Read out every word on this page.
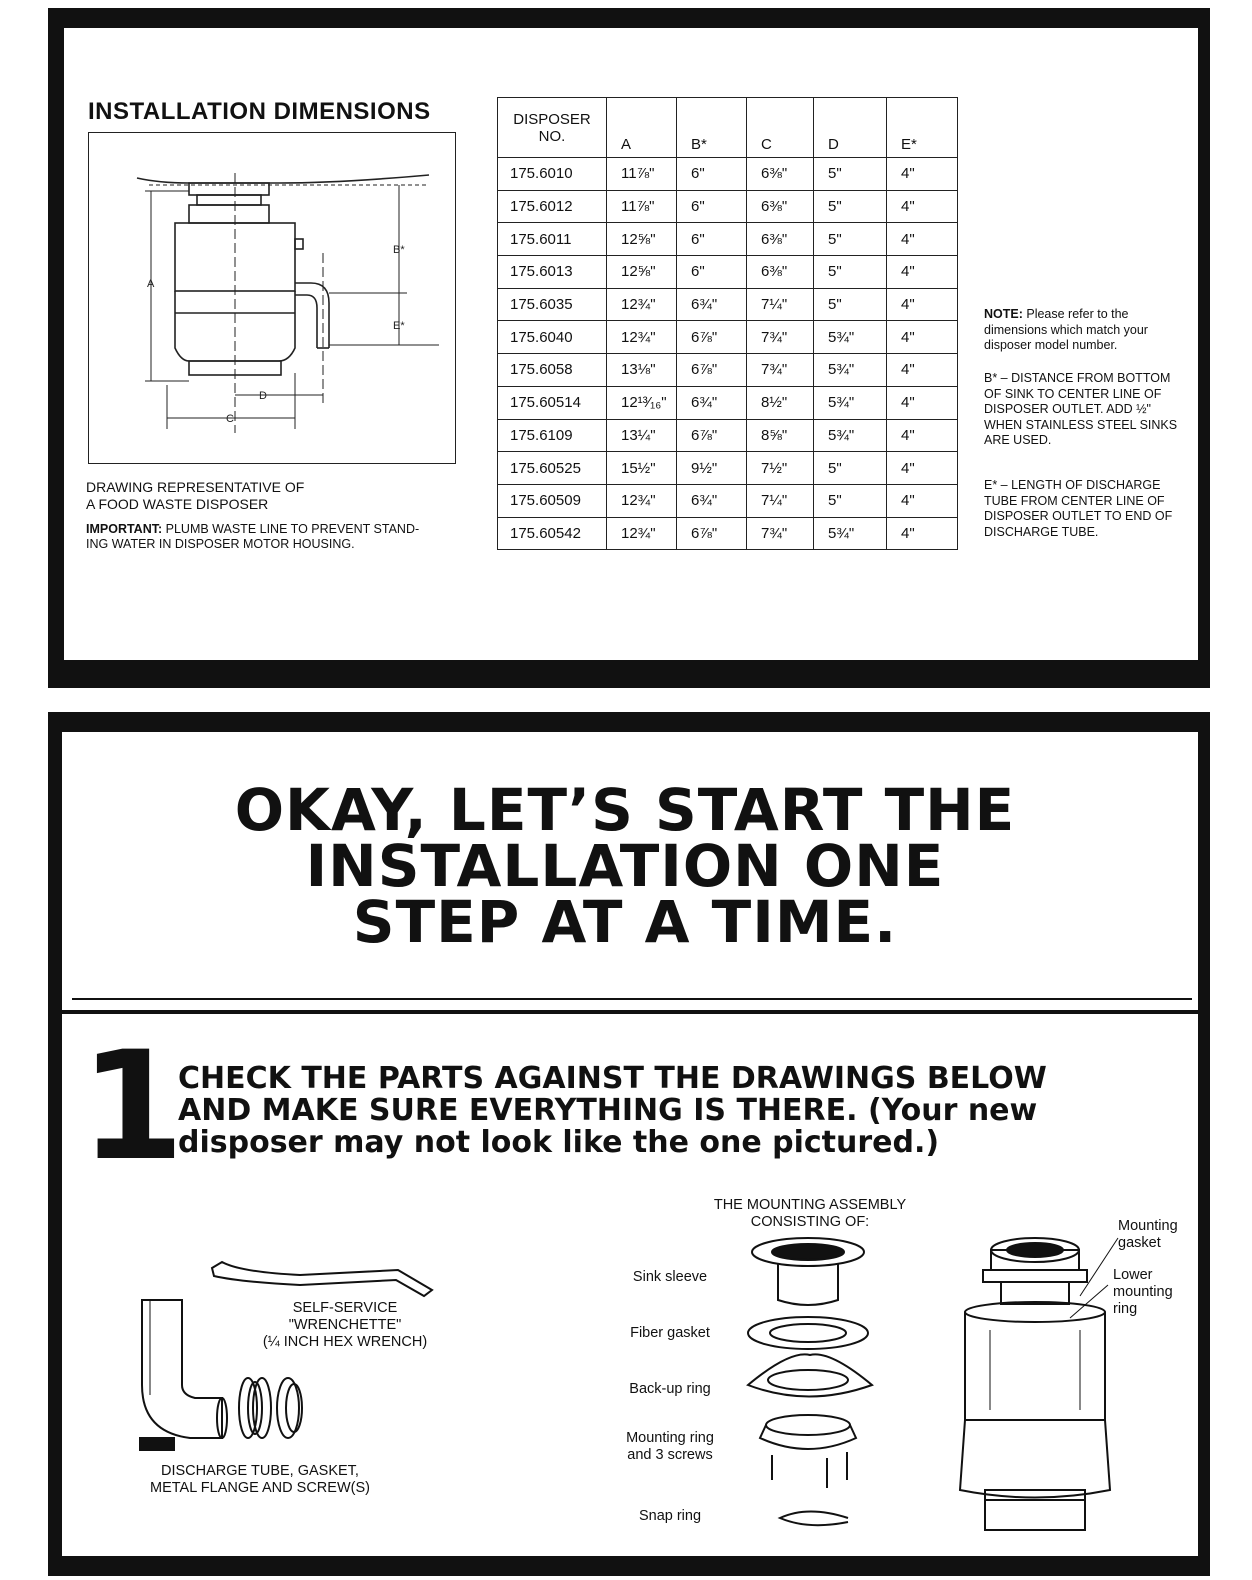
INSTALLATION DIMENSIONS
A
B*
E*
D
C
DRAWING REPRESENTATIVE OF
A FOOD WASTE DISPOSER
IMPORTANT: PLUMB WASTE LINE TO PREVENT STAND-
ING WATER IN DISPOSER MOTOR HOUSING.
DISPOSER
NO.	A	B*	C	D	E*
175.6010	11⅞"	6"	6⅜"	5"	4"
175.6012	11⅞"	6"	6⅜"	5"	4"
175.6011	12⅝"	6"	6⅜"	5"	4"
175.6013	12⅝"	6"	6⅜"	5"	4"
175.6035	12¾"	6¾"	7¼"	5"	4"
175.6040	12¾"	6⅞"	7¾"	5¾"	4"
175.6058	13⅛"	6⅞"	7¾"	5¾"	4"
175.60514	12¹³⁄₁₆"	6¾"	8½"	5¾"	4"
175.6109	13¼"	6⅞"	8⅝"	5¾"	4"
175.60525	15½"	9½"	7½"	5"	4"
175.60509	12¾"	6¾"	7¼"	5"	4"
175.60542	12¾"	6⅞"	7¾"	5¾"	4"
NOTE: Please refer to the dimensions which match your disposer model number.
B* – DISTANCE FROM BOTTOM OF SINK TO CENTER LINE OF DISPOSER OUTLET. ADD ½" WHEN STAINLESS STEEL SINKS ARE USED.
E* – LENGTH OF DISCHARGE TUBE FROM CENTER LINE OF DISPOSER OUTLET TO END OF DISCHARGE TUBE.
OKAY, LET’S START THE
INSTALLATION ONE
STEP AT A TIME.
1
CHECK THE PARTS AGAINST THE DRAWINGS BELOW
AND MAKE SURE EVERYTHING IS THERE. (Your new
disposer may not look like the one pictured.)
SELF-SERVICE
"WRENCHETTE"
(¼ INCH HEX WRENCH)
DISCHARGE TUBE, GASKET,
METAL FLANGE AND SCREW(S)
THE MOUNTING ASSEMBLY
CONSISTING OF:
Sink sleeve
Fiber gasket
Back-up ring
Mounting ring
and 3 screws
Snap ring
Mounting
gasket
Lower
mounting
ring
